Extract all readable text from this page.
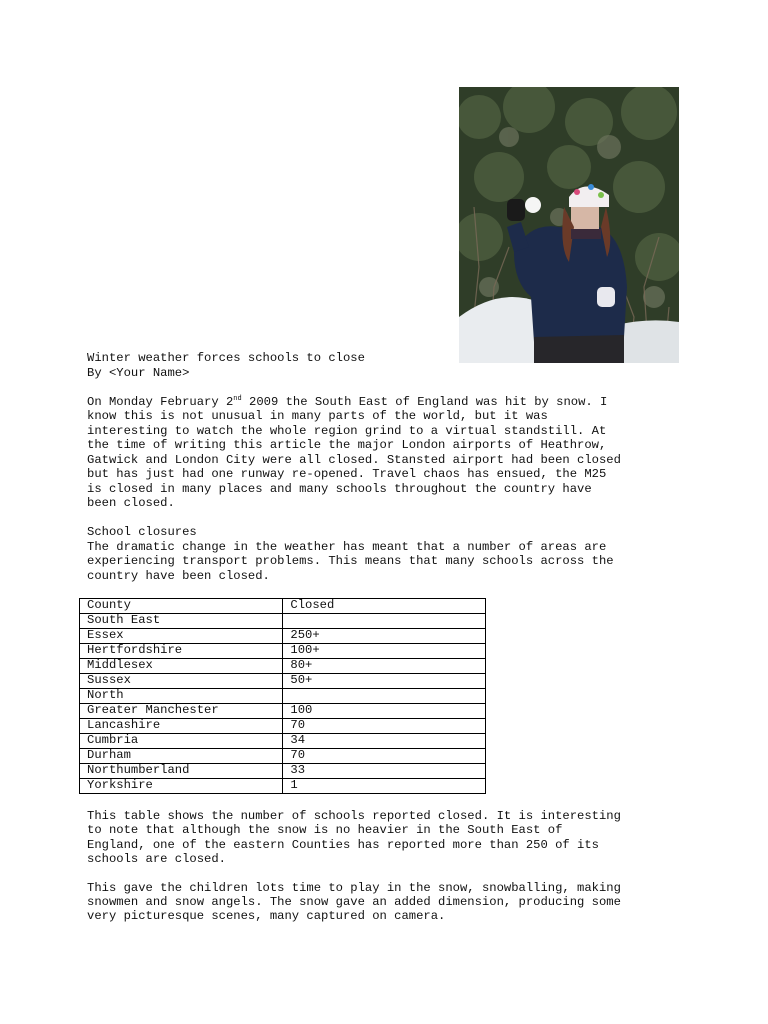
Winter weather forces schools to close
By <Your Name>
On Monday February 2nd 2009 the South East of England was hit by snow. I
know this is not unusual in many parts of the world, but it was
interesting to watch the whole region grind to a virtual standstill. At
the time of writing this article the major London airports of Heathrow,
Gatwick and London City were all closed. Stansted airport had been closed
but has just had one runway re-opened. Travel chaos has ensued, the M25
is closed in many places and many schools throughout the country have
been closed.
School closures
The dramatic change in the weather has meant that a number of areas are
experiencing transport problems. This means that many schools across the
country have been closed.
County	Closed
South East	
Essex	250+
Hertfordshire	100+
Middlesex	80+
Sussex	50+
North	
Greater Manchester	100
Lancashire	70
Cumbria	34
Durham	70
Northumberland	33
Yorkshire	1
This table shows the number of schools reported closed. It is interesting
to note that although the snow is no heavier in the South East of
England, one of the eastern Counties has reported more than 250 of its
schools are closed.
This gave the children lots time to play in the snow, snowballing, making
snowmen and snow angels. The snow gave an added dimension, producing some
very picturesque scenes, many captured on camera.
